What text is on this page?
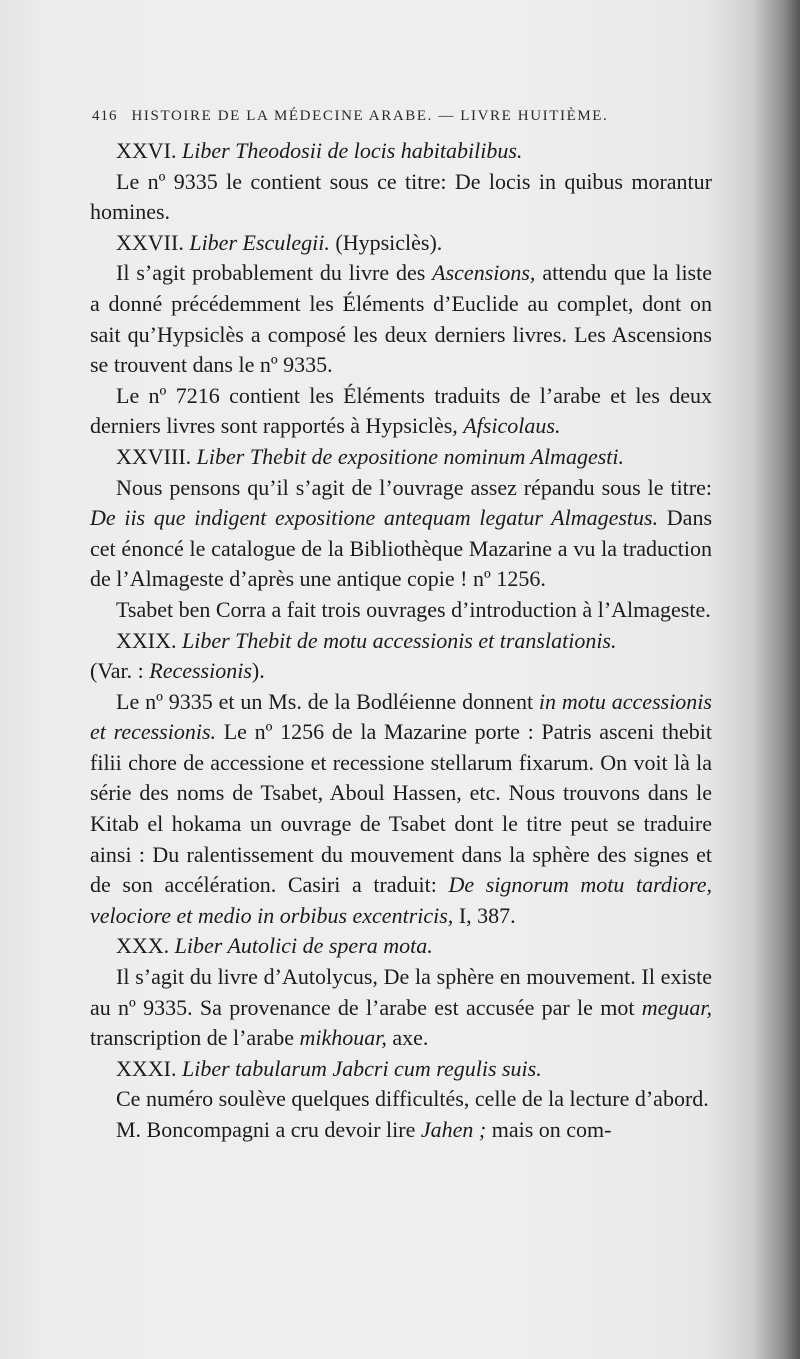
416 HISTOIRE DE LA MÉDECINE ARABE. — LIVRE HUITIÈME.

XXVI. Liber Theodosii de locis habitabilibus.

Le nº 9335 le contient sous ce titre: De locis in quibus morantur homines.

XXVII. Liber Esculegii. (Hypsiclès).

Il s’agit probablement du livre des Ascensions, attendu que la liste a donné précédemment les Éléments d’Euclide au complet, dont on sait qu’Hypsiclès a composé les deux derniers livres. Les Ascensions se trouvent dans le nº 9335.

Le nº 7216 contient les Éléments traduits de l’arabe et les deux derniers livres sont rapportés à Hypsiclès, Afsicolaus.

XXVIII. Liber Thebit de expositione nominum Almagesti.

Nous pensons qu’il s’agit de l’ouvrage assez répandu sous le titre: De iis que indigent expositione antequam legatur Almagestus. Dans cet énoncé le catalogue de la Bibliothèque Mazarine a vu la traduction de l’Almageste d’après une antique copie ! nº 1256.

Tsabet ben Corra a fait trois ouvrages d’introduction à l’Almageste.

XXIX. Liber Thebit de motu accessionis et translationis.

(Var. : Recessionis).

Le nº 9335 et un Ms. de la Bodléienne donnent in motu accessionis et recessionis. Le nº 1256 de la Mazarine porte : Patris asceni thebit filii chore de accessione et recessione stellarum fixarum. On voit là la série des noms de Tsabet, Aboul Hassen, etc. Nous trouvons dans le Kitab el hokama un ouvrage de Tsabet dont le titre peut se traduire ainsi : Du ralentissement du mouvement dans la sphère des signes et de son accélération. Casiri a traduit: De signorum motu tardiore, velociore et medio in orbibus excentricis, I, 387.

XXX. Liber Autolici de spera mota.

Il s’agit du livre d’Autolycus, De la sphère en mouvement. Il existe au nº 9335. Sa provenance de l’arabe est accusée par le mot meguar, transcription de l’arabe mikhouar, axe.

XXXI. Liber tabularum Jabcri cum regulis suis.

Ce numéro soulève quelques difficultés, celle de la lecture d’abord.

M. Boncompagni a cru devoir lire Jahen ; mais on com-
